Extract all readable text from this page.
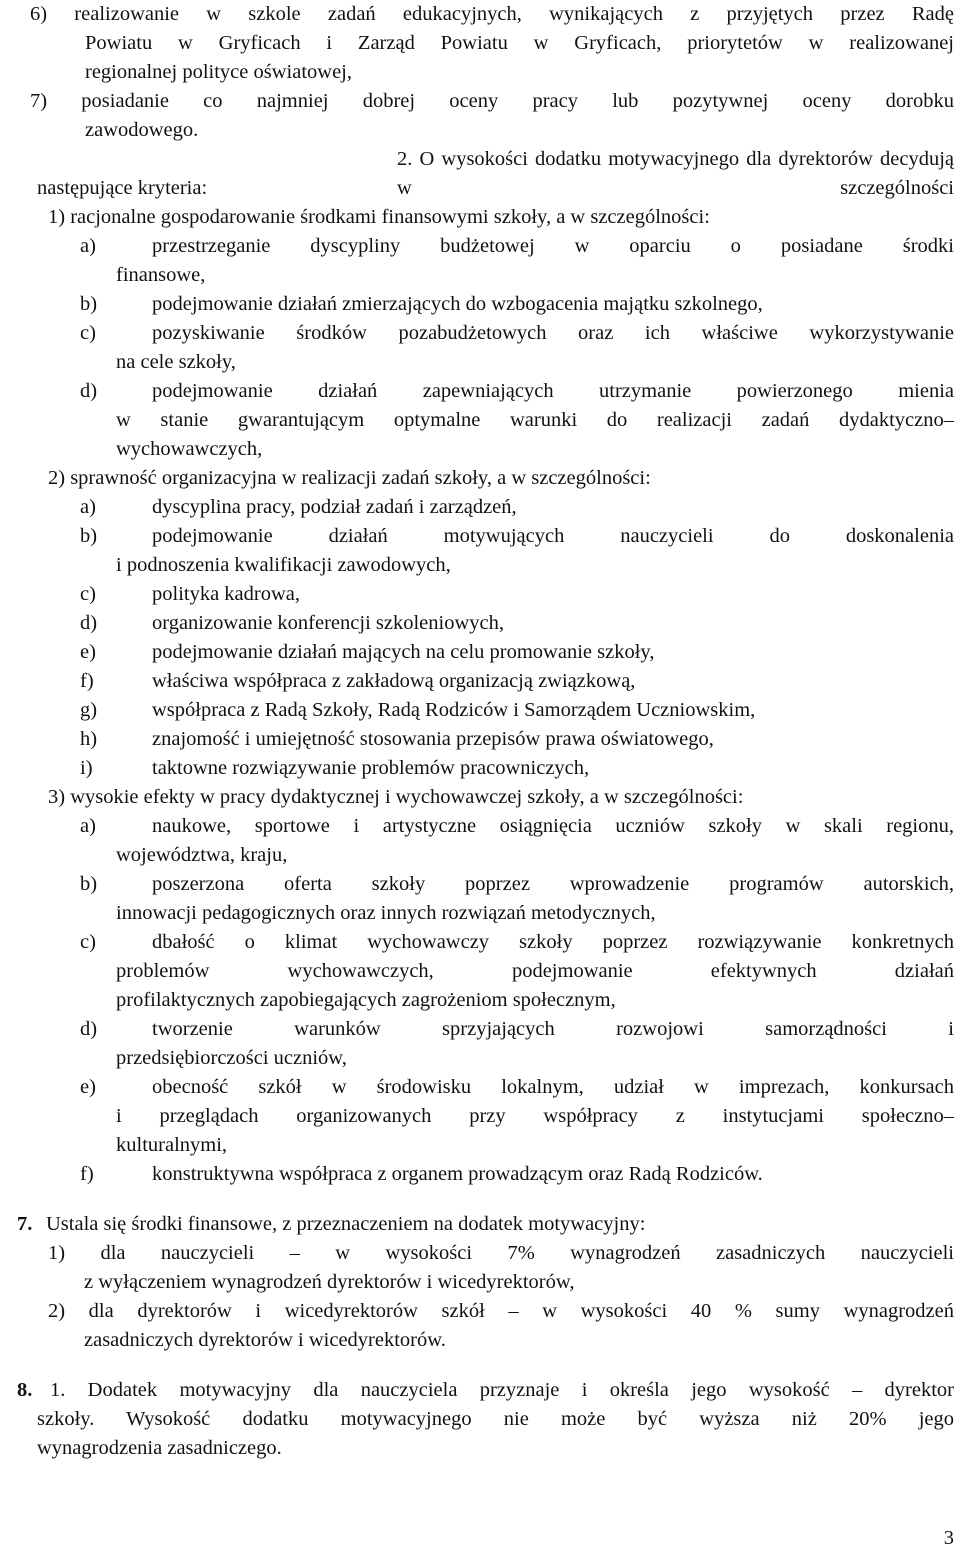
6) realizowanie w szkole zadań edukacyjnych, wynikających z przyjętych przez Radę
Powiatu w Gryficach i Zarząd Powiatu w Gryficach, priorytetów w realizowanej
regionalnej polityce oświatowej,
7) posiadanie co najmniej dobrej oceny pracy lub pozytywnej oceny dorobku
zawodowego.
2. O wysokości dodatku motywacyjnego dla dyrektorów decydują w szczególności
następujące kryteria:
1) racjonalne gospodarowanie środkami finansowymi szkoły, a w szczególności:
a)	przestrzeganie dyscypliny budżetowej w oparciu o posiadane środki
finansowe,
b)	podejmowanie działań zmierzających do wzbogacenia majątku szkolnego,
c)	pozyskiwanie środków pozabudżetowych oraz ich właściwe wykorzystywanie
na cele szkoły,
d)	podejmowanie działań zapewniających utrzymanie powierzonego mienia
w stanie gwarantującym optymalne warunki do realizacji zadań dydaktyczno–
wychowawczych,
2) sprawność organizacyjna w realizacji zadań szkoły, a w szczególności:
a)	dyscyplina pracy, podział zadań i zarządzeń,
b)	podejmowanie działań motywujących nauczycieli do doskonalenia
i podnoszenia kwalifikacji zawodowych,
c)	polityka kadrowa,
d)	organizowanie konferencji szkoleniowych,
e)	podejmowanie działań mających na celu promowanie szkoły,
f)	właściwa współpraca z zakładową organizacją związkową,
g)	współpraca z Radą Szkoły, Radą Rodziców i Samorządem Uczniowskim,
h)	znajomość i umiejętność stosowania przepisów prawa oświatowego,
i)	taktowne rozwiązywanie problemów pracowniczych,
3) wysokie efekty w pracy dydaktycznej i wychowawczej szkoły, a w szczególności:
a)	naukowe, sportowe i artystyczne osiągnięcia uczniów szkoły w skali regionu,
województwa, kraju,
b)	poszerzona oferta szkoły poprzez wprowadzenie programów autorskich,
innowacji pedagogicznych oraz innych rozwiązań metodycznych,
c)	dbałość o klimat wychowawczy szkoły poprzez rozwiązywanie konkretnych
problemów wychowawczych, podejmowanie efektywnych działań
profilaktycznych zapobiegających zagrożeniom społecznym,
d)	tworzenie warunków sprzyjających rozwojowi samorządności i
przedsiębiorczości uczniów,
e)	obecność szkół w środowisku lokalnym, udział w imprezach, konkursach
i przeglądach organizowanych przy współpracy z instytucjami społeczno–
kulturalnymi,
f)	konstruktywna współpraca z organem prowadzącym oraz Radą Rodziców.
7. Ustala się środki finansowe, z przeznaczeniem na dodatek motywacyjny:
1) dla nauczycieli – w wysokości 7% wynagrodzeń zasadniczych nauczycieli
z wyłączeniem wynagrodzeń dyrektorów i wicedyrektorów,
2) dla dyrektorów i wicedyrektorów szkół – w wysokości 40 % sumy wynagrodzeń
zasadniczych dyrektorów i wicedyrektorów.
8. 1. Dodatek motywacyjny dla nauczyciela przyznaje i określa jego wysokość – dyrektor
szkoły. Wysokość dodatku motywacyjnego nie może być wyższa niż 20% jego
wynagrodzenia zasadniczego.
3
